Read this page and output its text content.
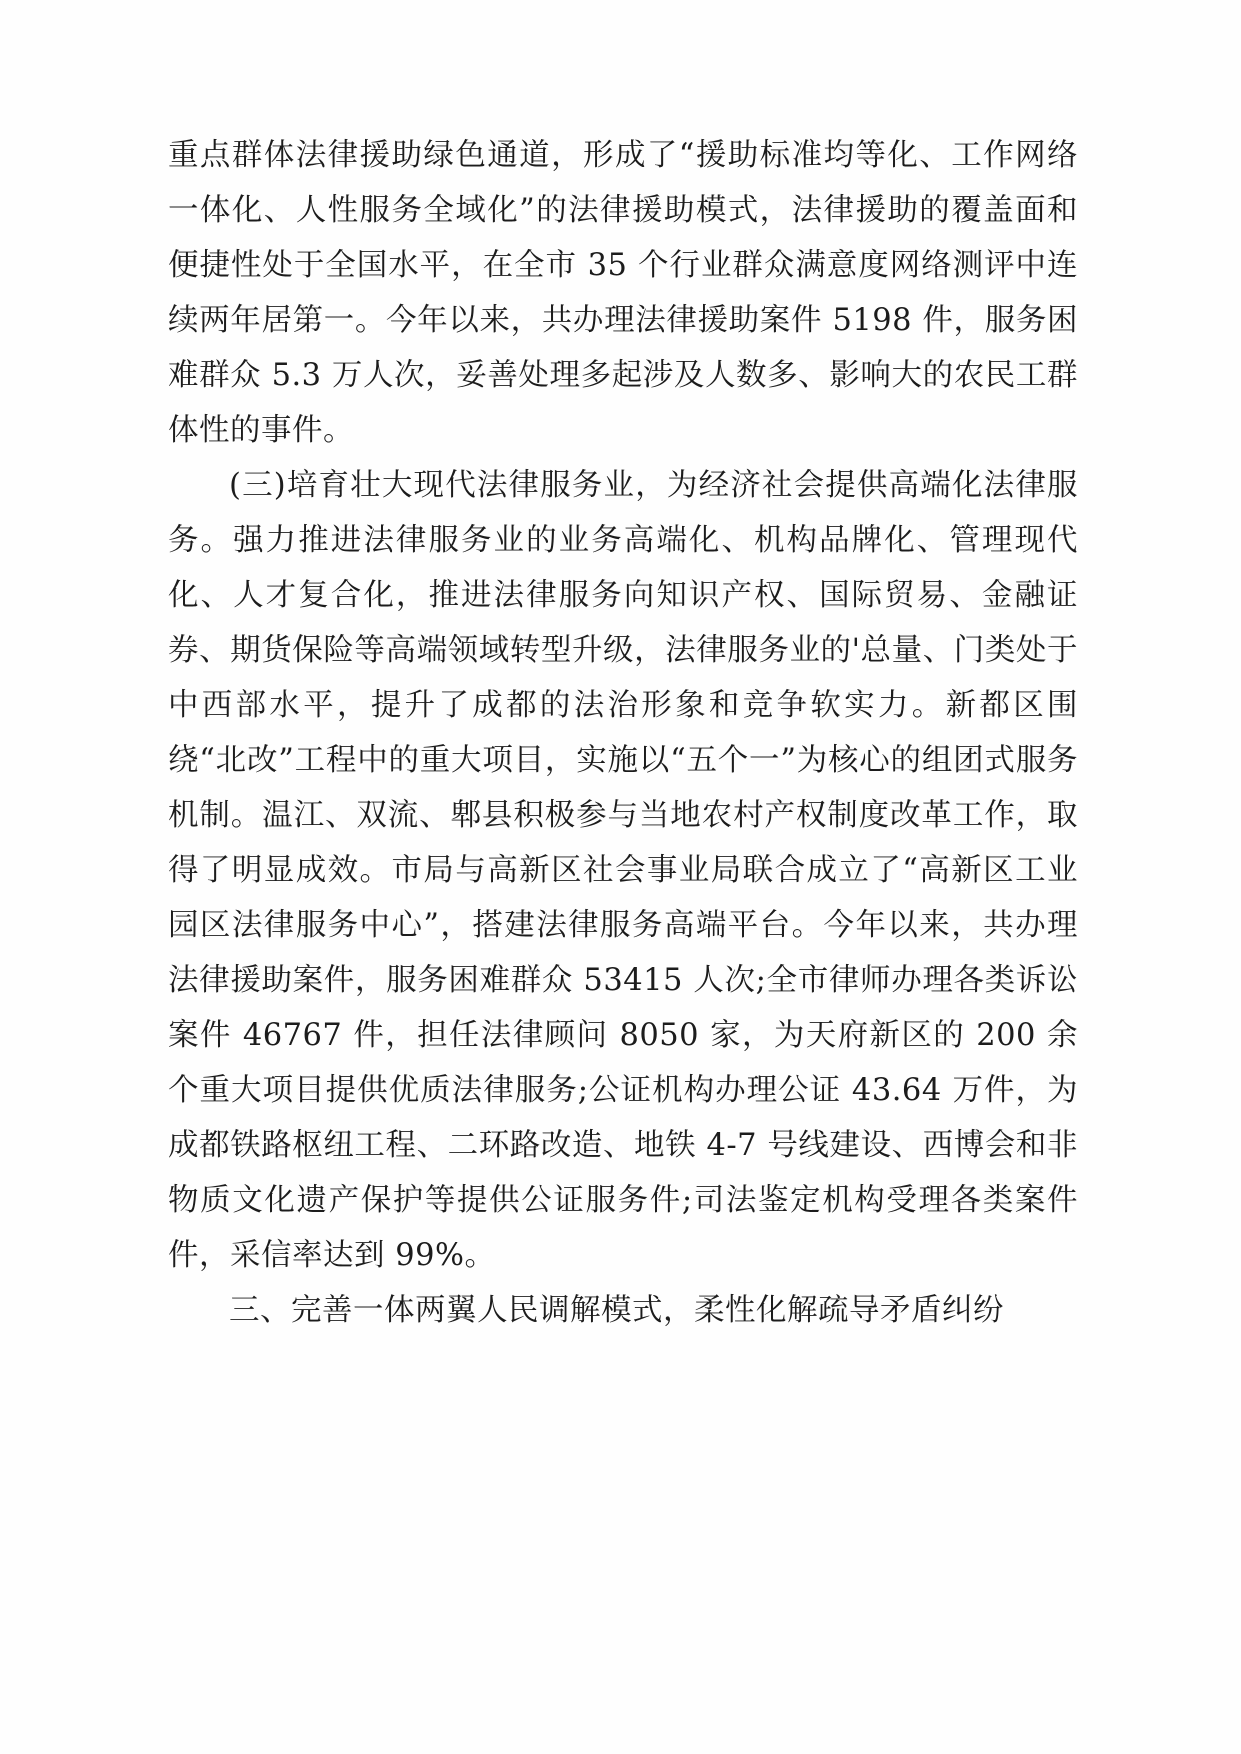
重点群体法律援助绿色通道，形成了“援助标准均等化、工作网络一体化、人性服务全域化”的法律援助模式，法律援助的覆盖面和便捷性处于全国水平，在全市 35 个行业群众满意度网络测评中连续两年居第一。今年以来，共办理法律援助案件 5198 件，服务困难群众 5.3 万人次，妥善处理多起涉及人数多、影响大的农民工群体性的事件。

(三)培育壮大现代法律服务业，为经济社会提供高端化法律服务。强力推进法律服务业的业务高端化、机构品牌化、管理现代化、人才复合化，推进法律服务向知识产权、国际贸易、金融证券、期货保险等高端领域转型升级，法律服务业的'总量、门类处于中西部水平，提升了成都的法治形象和竞争软实力。新都区围绕“北改”工程中的重大项目，实施以“五个一”为核心的组团式服务机制。温江、双流、郫县积极参与当地农村产权制度改革工作，取得了明显成效。市局与高新区社会事业局联合成立了“高新区工业园区法律服务中心”，搭建法律服务高端平台。今年以来，共办理法律援助案件，服务困难群众 53415 人次;全市律师办理各类诉讼案件 46767 件，担任法律顾问 8050 家，为天府新区的 200 余个重大项目提供优质法律服务;公证机构办理公证 43.64 万件，为成都铁路枢纽工程、二环路改造、地铁 4-7 号线建设、西博会和非物质文化遗产保护等提供公证服务件;司法鉴定机构受理各类案件件，采信率达到 99%。

三、完善一体两翼人民调解模式，柔性化解疏导矛盾纠纷
